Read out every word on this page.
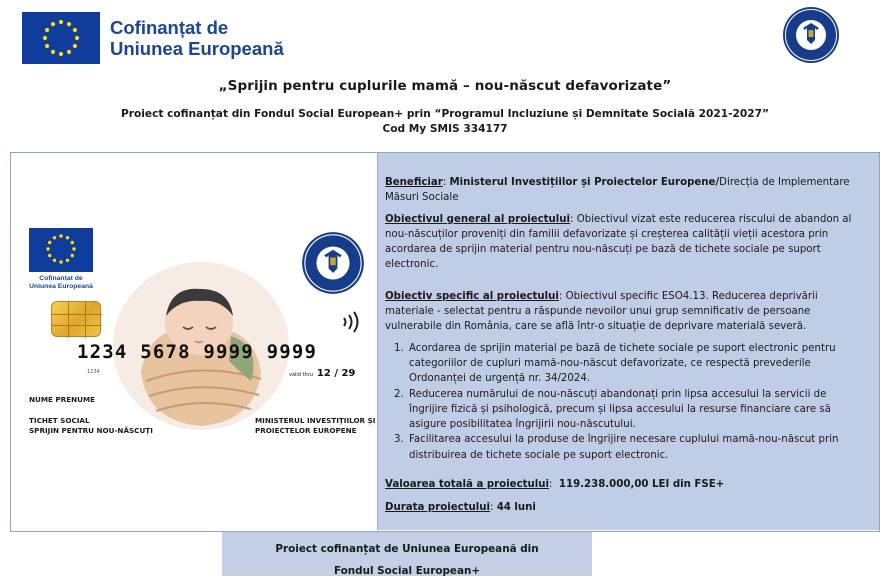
Cofinanțat de
Uniunea Europeană
„Sprijin pentru cuplurile mamă – nou-născut defavorizate”
Proiect cofinanțat din Fondul Social European+ prin “Programul Incluziune și Demnitate Socială 2021-2027”
Cod My SMIS 334177
Cofinanțat de
Uniunea Europeană
1234 5678 9999 9999
1234	valid thru 12 / 29
NUME PRENUME
TICHET SOCIAL
SPRIJIN PENTRU NOU-NĂSCUȚI
MINISTERUL INVESTIȚIILOR ȘI
PROIECTELOR EUROPENE

Beneficiar: Ministerul Investițiilor și Proiectelor Europene/Direcția de Implementare Măsuri Sociale

Obiectivul general al proiectului: Obiectivul vizat este reducerea riscului de abandon al nou-născuților proveniți din familii defavorizate și creșterea calității vieții acestora prin acordarea de sprijin material pentru nou-născuți pe bază de tichete sociale pe suport electronic.

Obiectiv specific al proiectului: Obiectivul specific ESO4.13. Reducerea deprivării materiale - selectat pentru a răspunde nevoilor unui grup semnificativ de persoane vulnerabile din România, care se află într-o situație de deprivare materială severă.

1. Acordarea de sprijin material pe bază de tichete sociale pe suport electronic pentru categoriilor de cupluri mamă-nou-născut defavorizate, ce respectă prevederile Ordonanței de urgență nr. 34/2024.
2. Reducerea numărului de nou-născuți abandonați prin lipsa accesului la servicii de îngrijire fizică și psihologică, precum și lipsa accesului la resurse financiare care să asigure posibilitatea îngrijirii nou-născutului.
3. Facilitarea accesului la produse de îngrijire necesare cuplului mamă-nou-născut prin distribuirea de tichete sociale pe suport electronic.

Valoarea totală a proiectului:  119.238.000,00 LEI din FSE+

Durata proiectului: 44 luni

Proiect cofinanțat de Uniunea Europeană din
Fondul Social European+
